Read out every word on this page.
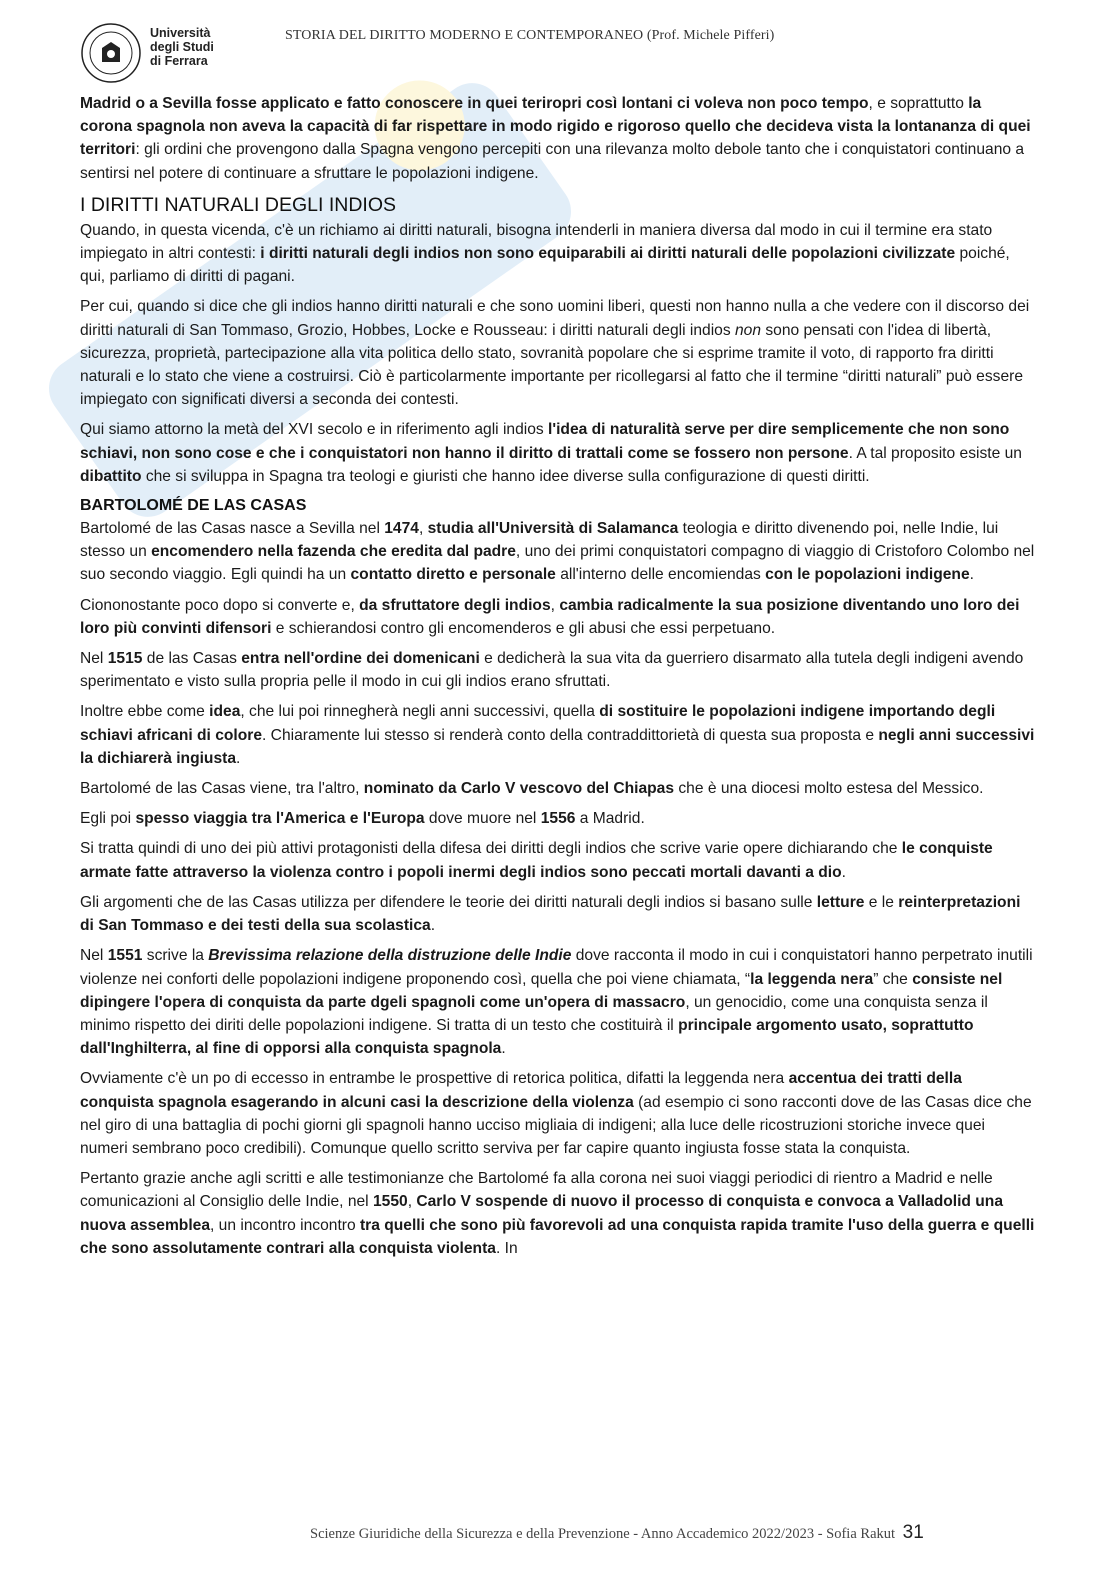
Università
degli Studi
di Ferrara
STORIA DEL DIRITTO MODERNO E CONTEMPORANEO (Prof. Michele Pifferi)

Madrid o a Sevilla fosse applicato e fatto conoscere in quei teriropri così lontani ci voleva non poco tempo, e soprattutto la corona spagnola non aveva la capacità di far rispettare in modo rigido e rigoroso quello che decideva vista la lontananza di quei territori: gli ordini che provengono dalla Spagna vengono percepiti con una rilevanza molto debole tanto che i conquistatori continuano a sentirsi nel potere di continuare a sfruttare le popolazioni indigene.

I DIRITTI NATURALI DEGLI INDIOS

Quando, in questa vicenda, c'è un richiamo ai diritti naturali, bisogna intenderli in maniera diversa dal modo in cui il termine era stato impiegato in altri contesti: i diritti naturali degli indios non sono equiparabili ai diritti naturali delle popolazioni civilizzate poiché, qui, parliamo di diritti di pagani.

Per cui, quando si dice che gli indios hanno diritti naturali e che sono uomini liberi, questi non hanno nulla a che vedere con il discorso dei diritti naturali di San Tommaso, Grozio, Hobbes, Locke e Rousseau: i diritti naturali degli indios non sono pensati con l'idea di libertà, sicurezza, proprietà, partecipazione alla vita politica dello stato, sovranità popolare che si esprime tramite il voto, di rapporto fra diritti naturali e lo stato che viene a costruirsi. Ciò è particolarmente importante per ricollegarsi al fatto che il termine “diritti naturali” può essere impiegato con significati diversi a seconda dei contesti.

Qui siamo attorno la metà del XVI secolo e in riferimento agli indios l'idea di naturalità serve per dire semplicemente che non sono schiavi, non sono cose e che i conquistatori non hanno il diritto di trattali come se fossero non persone. A tal proposito esiste un dibattito che si sviluppa in Spagna tra teologi e giuristi che hanno idee diverse sulla configurazione di questi diritti.

BARTOLOMÉ DE LAS CASAS

Bartolomé de las Casas nasce a Sevilla nel 1474, studia all'Università di Salamanca teologia e diritto divenendo poi, nelle Indie, lui stesso un encomendero nella fazenda che eredita dal padre, uno dei primi conquistatori compagno di viaggio di Cristoforo Colombo nel suo secondo viaggio. Egli quindi ha un contatto diretto e personale all'interno delle encomiendas con le popolazioni indigene.

Ciononostante poco dopo si converte e, da sfruttatore degli indios, cambia radicalmente la sua posizione diventando uno loro dei loro più convinti difensori e schierandosi contro gli encomenderos e gli abusi che essi perpetuano.

Nel 1515 de las Casas entra nell'ordine dei domenicani e dedicherà la sua vita da guerriero disarmato alla tutela degli indigeni avendo sperimentato e visto sulla propria pelle il modo in cui gli indios erano sfruttati.

Inoltre ebbe come idea, che lui poi rinnegherà negli anni successivi, quella di sostituire le popolazioni indigene importando degli schiavi africani di colore. Chiaramente lui stesso si renderà conto della contraddittorietà di questa sua proposta e negli anni successivi la dichiarerà ingiusta.

Bartolomé de las Casas viene, tra l'altro, nominato da Carlo V vescovo del Chiapas che è una diocesi molto estesa del Messico.

Egli poi spesso viaggia tra l'America e l'Europa dove muore nel 1556 a Madrid.

Si tratta quindi di uno dei più attivi protagonisti della difesa dei diritti degli indios che scrive varie opere dichiarando che le conquiste armate fatte attraverso la violenza contro i popoli inermi degli indios sono peccati mortali davanti a dio.

Gli argomenti che de las Casas utilizza per difendere le teorie dei diritti naturali degli indios si basano sulle letture e le reinterpretazioni di San Tommaso e dei testi della sua scolastica.

Nel 1551 scrive la Brevissima relazione della distruzione delle Indie dove racconta il modo in cui i conquistatori hanno perpetrato inutili violenze nei conforti delle popolazioni indigene proponendo così, quella che poi viene chiamata, “la leggenda nera” che consiste nel dipingere l'opera di conquista da parte dgeli spagnoli come un'opera di massacro, un genocidio, come una conquista senza il minimo rispetto dei diriti delle popolazioni indigene. Si tratta di un testo che costituirà il principale argomento usato, soprattutto dall'Inghilterra, al fine di opporsi alla conquista spagnola.

Ovviamente c'è un po di eccesso in entrambe le prospettive di retorica politica, difatti la leggenda nera accentua dei tratti della conquista spagnola esagerando in alcuni casi la descrizione della violenza (ad esempio ci sono racconti dove de las Casas dice che nel giro di una battaglia di pochi giorni gli spagnoli hanno ucciso migliaia di indigeni; alla luce delle ricostruzioni storiche invece quei numeri sembrano poco credibili). Comunque quello scritto serviva per far capire quanto ingiusta fosse stata la conquista.

Pertanto grazie anche agli scritti e alle testimonianze che Bartolomé fa alla corona nei suoi viaggi periodici di rientro a Madrid e nelle comunicazioni al Consiglio delle Indie, nel 1550, Carlo V sospende di nuovo il processo di conquista e convoca a Valladolid una nuova assemblea, un incontro incontro tra quelli che sono più favorevoli ad una conquista rapida tramite l'uso della guerra e quelli che sono assolutamente contrari alla conquista violenta. In

Scienze Giuridiche della Sicurezza e della Prevenzione - Anno Accademico 2022/2023 - Sofia Rakut 31
